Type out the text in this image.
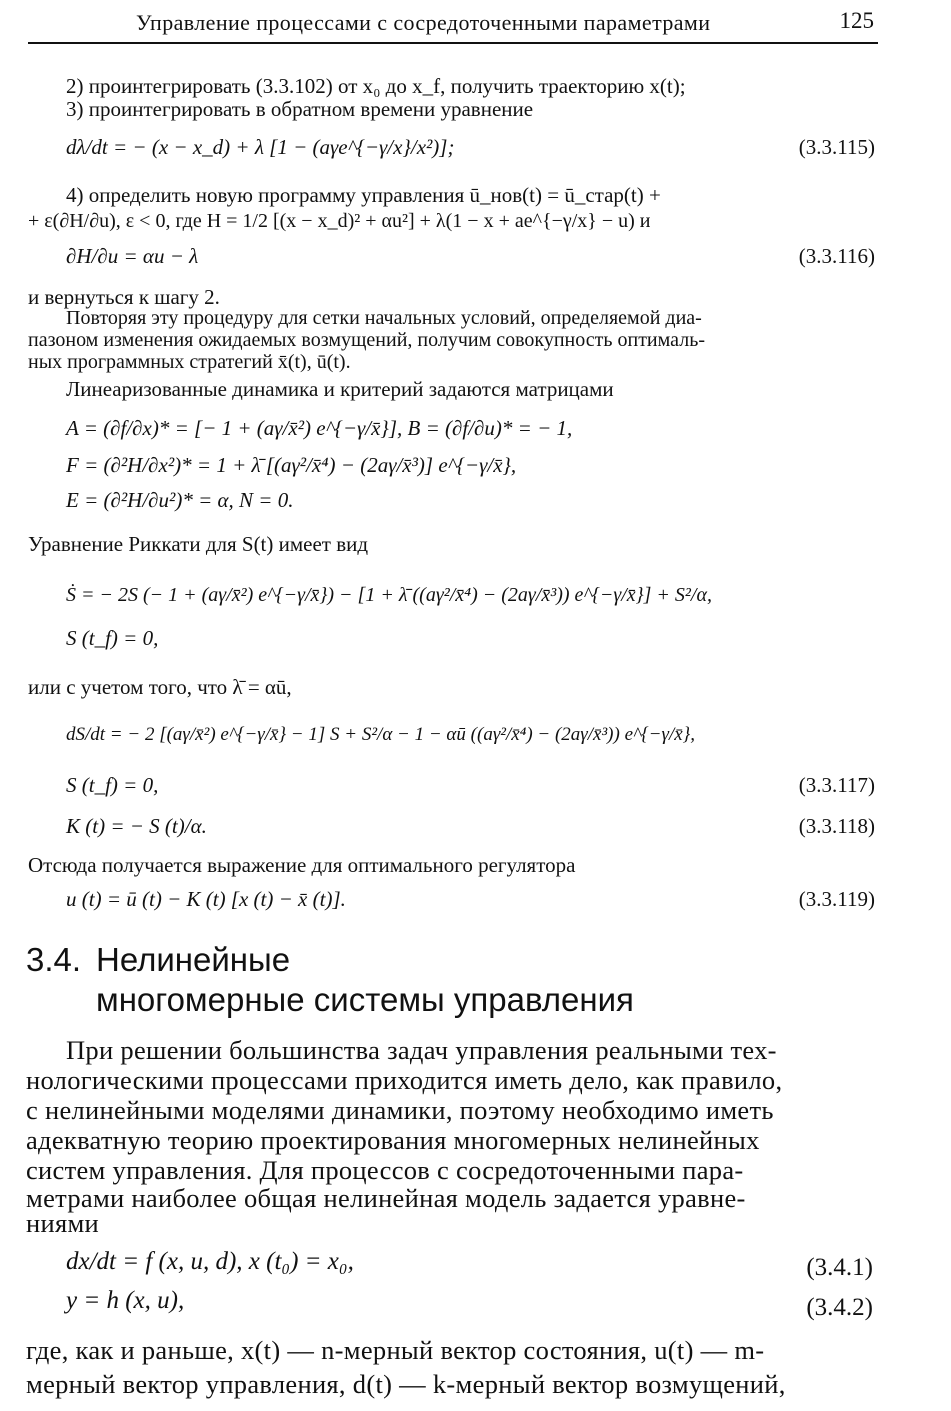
Управление процессами с сосредоточенными параметрами	125
2) проинтегрировать (3.3.102) от x₀ до x_f, получить траекторию x(t);
3) проинтегрировать в обратном времени уравнение
dλ/dt = − (x − x_d) + λ [1 − (aγe^{−γ/x}/x²)];	(3.3.115)
4) определить новую программу управления ū_нов(t) = ū_стар(t) +
+ ε(∂H/∂u), ε < 0, где H = 1/2 [(x − x_d)² + αu²] + λ(1 − x + ae^{−γ/x} − u) и
∂H/∂u = αu − λ	(3.3.116)
и вернуться к шагу 2.
Повторяя эту процедуру для сетки начальных условий, определяемой диа-
пазоном изменения ожидаемых возмущений, получим совокупность оптималь-
ных программных стратегий x̄(t), ū(t).
Линеаризованные динамика и критерий задаются матрицами
A = (∂f/∂x)* = [− 1 + (aγ/x̄²) e^{−γ/x̄}], B = (∂f/∂u)* = − 1,
F = (∂²H/∂x²)* = 1 + λ̄ [(aγ²/x̄⁴) − (2aγ/x̄³)] e^{−γ/x̄},
E = (∂²H/∂u²)* = α, N = 0.
Уравнение Риккати для S(t) имеет вид
Ṡ = − 2S (− 1 + (aγ/x̄²) e^{−γ/x̄}) − [1 + λ̄ ((aγ²/x̄⁴) − (2aγ/x̄³)) e^{−γ/x̄}] + S²/α,
S (t_f) = 0,
или с учетом того, что λ̄ = αū,
dS/dt = − 2 [(aγ/x̄²) e^{−γ/x̄} − 1] S + S²/α − 1 − αū ((aγ²/x̄⁴) − (2aγ/x̄³)) e^{−γ/x̄},
S (t_f) = 0,	(3.3.117)
K (t) = − S (t)/α.	(3.3.118)
Отсюда получается выражение для оптимального регулятора
u (t) = ū (t) − K (t) [x (t) − x̄ (t)].	(3.3.119)
3.4. Нелинейные
многомерные системы управления
При решении большинства задач управления реальными тех-
нологическими процессами приходится иметь дело, как правило,
с нелинейными моделями динамики, поэтому необходимо иметь
адекватную теорию проектирования многомерных нелинейных
систем управления. Для процессов с сосредоточенными пара-
метрами наиболее общая нелинейная модель задается уравне-
ниями
dx/dt = f (x, u, d), x (t₀) = x₀,	(3.4.1)
y = h (x, u),	(3.4.2)
где, как и раньше, x(t) — n-мерный вектор состояния, u(t) — m-
мерный вектор управления, d(t) — k-мерный вектор возмущений,
